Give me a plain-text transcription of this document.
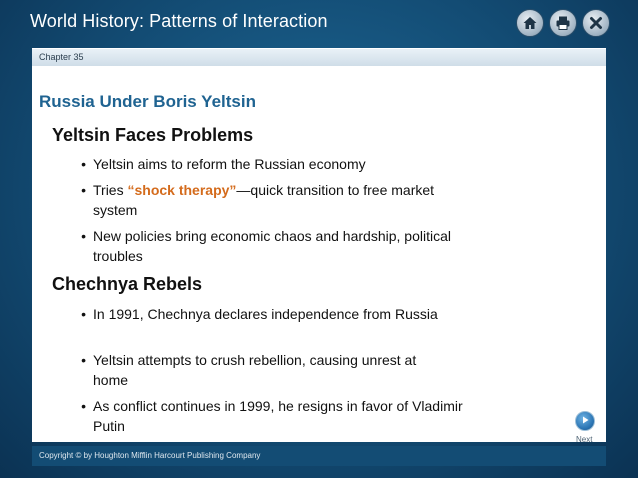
World History: Patterns of Interaction
Chapter 35
Russia Under Boris Yeltsin
Yeltsin Faces Problems
• Yeltsin aims to reform the Russian economy
• Tries “shock therapy”—quick transition to free market system
• New policies bring economic chaos and hardship, political troubles
Chechnya Rebels
• In 1991, Chechnya declares independence from Russia
• Yeltsin attempts to crush rebellion, causing unrest at home
• As conflict continues in 1999, he resigns in favor of Vladimir Putin
Next
Copyright © by Houghton Mifflin Harcourt Publishing Company
